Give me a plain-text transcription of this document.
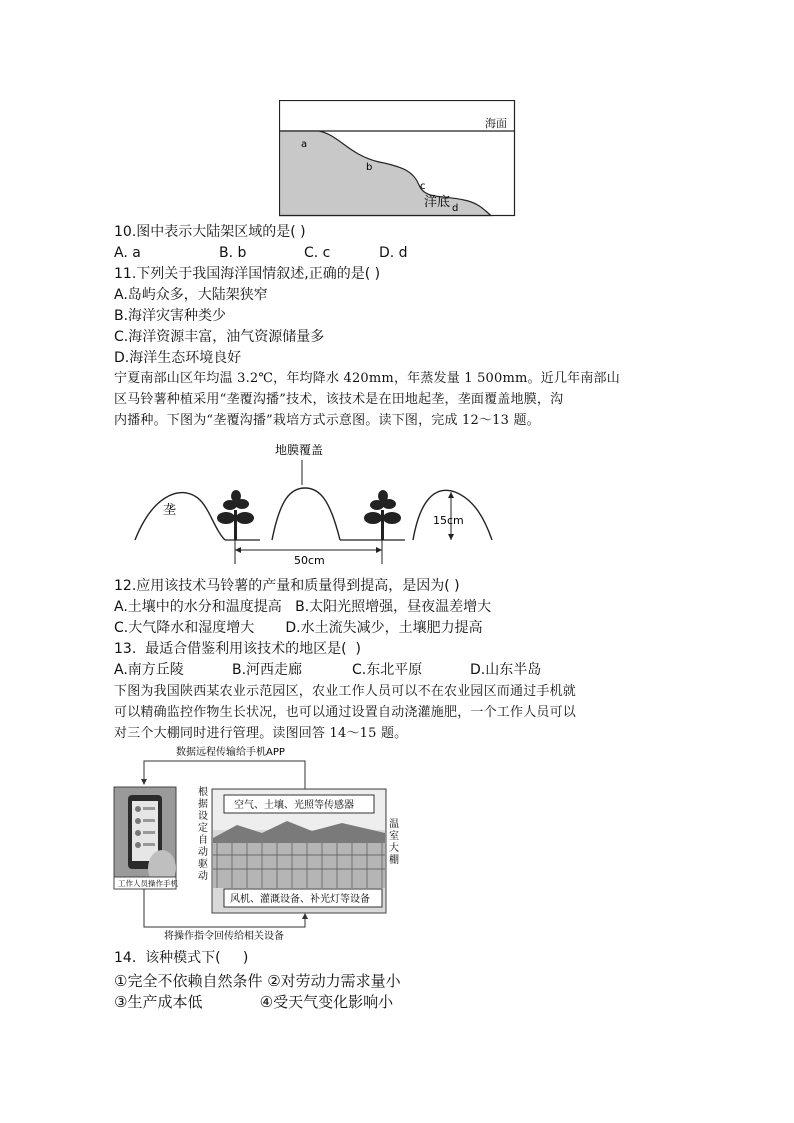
海面
a
b
c
洋底 d
10.图中表示大陆架区域的是( )
A. a	B. b	C. c	D. d
11.下列关于我国海洋国情叙述,正确的是( )
A.岛屿众多，大陆架狭窄
B.海洋灾害种类少
C.海洋资源丰富，油气资源储量多
D.海洋生态环境良好
宁夏南部山区年均温 3.2℃，年均降水 420mm，年蒸发量 1 500mm。近几年南部山
区马铃薯种植采用“垄覆沟播”技术，该技术是在田地起垄，垄面覆盖地膜，沟
内播种。下图为“垄覆沟播”栽培方式示意图。读下图，完成 12～13 题。
地膜覆盖
垄
15cm
50cm
12.应用该技术马铃薯的产量和质量得到提高，是因为( )
A.土壤中的水分和温度提高   B.太阳光照增强，昼夜温差增大
C.大气降水和湿度增大       D.水土流失减少，土壤肥力提高
13.  最适合借鉴利用该技术的地区是(  )
A.南方丘陵	B.河西走廊	C.东北平原	D.山东半岛
下图为我国陕西某农业示范园区，农业工作人员可以不在农业园区而通过手机就
可以精确监控作物生长状况，也可以通过设置自动浇灌施肥，一个工作人员可以
对三个大棚同时进行管理。读图回答 14～15 题。
数据远程传输给手机APP
工作人员操作手机
根
据
设
定
自
动
驱
动
空气、土壤、光照等传感器
风机、灌溉设备、补光灯等设备
温
室
大
棚
将操作指令回传给相关设备
14.  该种模式下(     )
①完全不依赖自然条件 ②对劳动力需求量小
③生产成本低            ④受天气变化影响小
